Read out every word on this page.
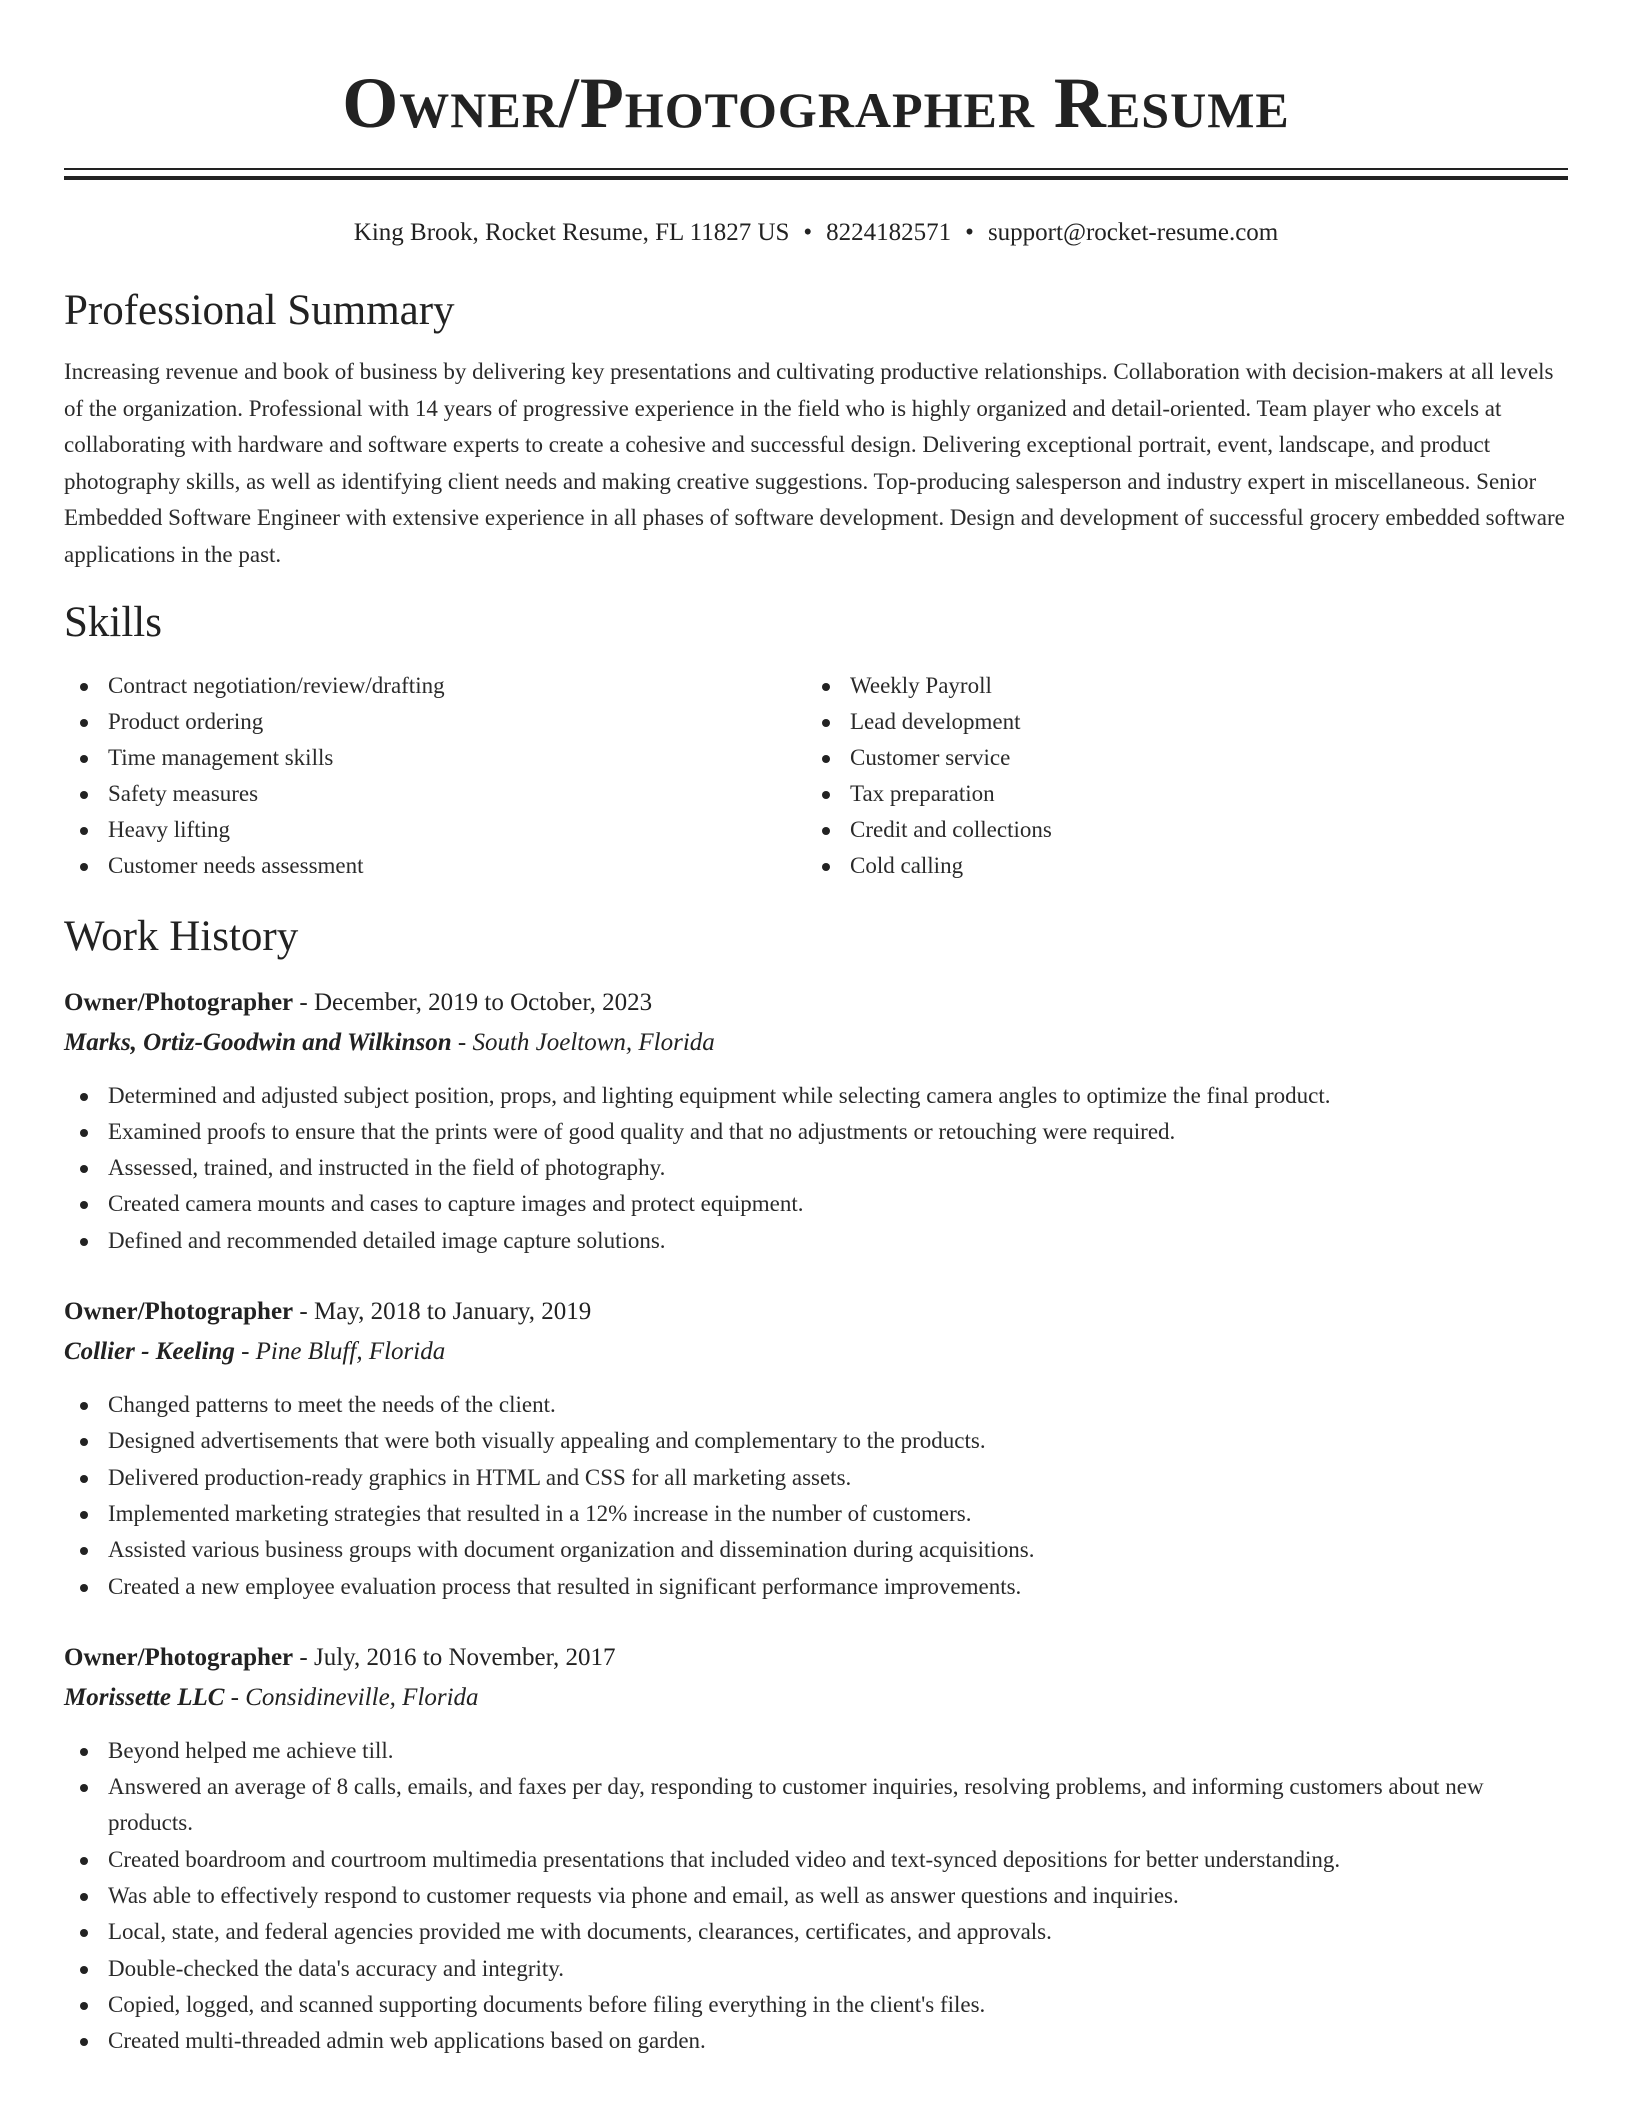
Owner/Photographer Resume
King Brook, Rocket Resume, FL 11827 US • 8224182571 • support@rocket-resume.com
Professional Summary
Increasing revenue and book of business by delivering key presentations and cultivating productive relationships. Collaboration with decision-makers at all levels of the organization. Professional with 14 years of progressive experience in the field who is highly organized and detail-oriented. Team player who excels at collaborating with hardware and software experts to create a cohesive and successful design. Delivering exceptional portrait, event, landscape, and product photography skills, as well as identifying client needs and making creative suggestions. Top-producing salesperson and industry expert in miscellaneous. Senior Embedded Software Engineer with extensive experience in all phases of software development. Design and development of successful grocery embedded software applications in the past.
Skills
Contract negotiation/review/drafting
Product ordering
Time management skills
Safety measures
Heavy lifting
Customer needs assessment
Weekly Payroll
Lead development
Customer service
Tax preparation
Credit and collections
Cold calling
Work History
Owner/Photographer - December, 2019 to October, 2023
Marks, Ortiz-Goodwin and Wilkinson - South Joeltown, Florida
Determined and adjusted subject position, props, and lighting equipment while selecting camera angles to optimize the final product.
Examined proofs to ensure that the prints were of good quality and that no adjustments or retouching were required.
Assessed, trained, and instructed in the field of photography.
Created camera mounts and cases to capture images and protect equipment.
Defined and recommended detailed image capture solutions.
Owner/Photographer - May, 2018 to January, 2019
Collier - Keeling - Pine Bluff, Florida
Changed patterns to meet the needs of the client.
Designed advertisements that were both visually appealing and complementary to the products.
Delivered production-ready graphics in HTML and CSS for all marketing assets.
Implemented marketing strategies that resulted in a 12% increase in the number of customers.
Assisted various business groups with document organization and dissemination during acquisitions.
Created a new employee evaluation process that resulted in significant performance improvements.
Owner/Photographer - July, 2016 to November, 2017
Morissette LLC - Considineville, Florida
Beyond helped me achieve till.
Answered an average of 8 calls, emails, and faxes per day, responding to customer inquiries, resolving problems, and informing customers about new products.
Created boardroom and courtroom multimedia presentations that included video and text-synced depositions for better understanding.
Was able to effectively respond to customer requests via phone and email, as well as answer questions and inquiries.
Local, state, and federal agencies provided me with documents, clearances, certificates, and approvals.
Double-checked the data's accuracy and integrity.
Copied, logged, and scanned supporting documents before filing everything in the client's files.
Created multi-threaded admin web applications based on garden.
